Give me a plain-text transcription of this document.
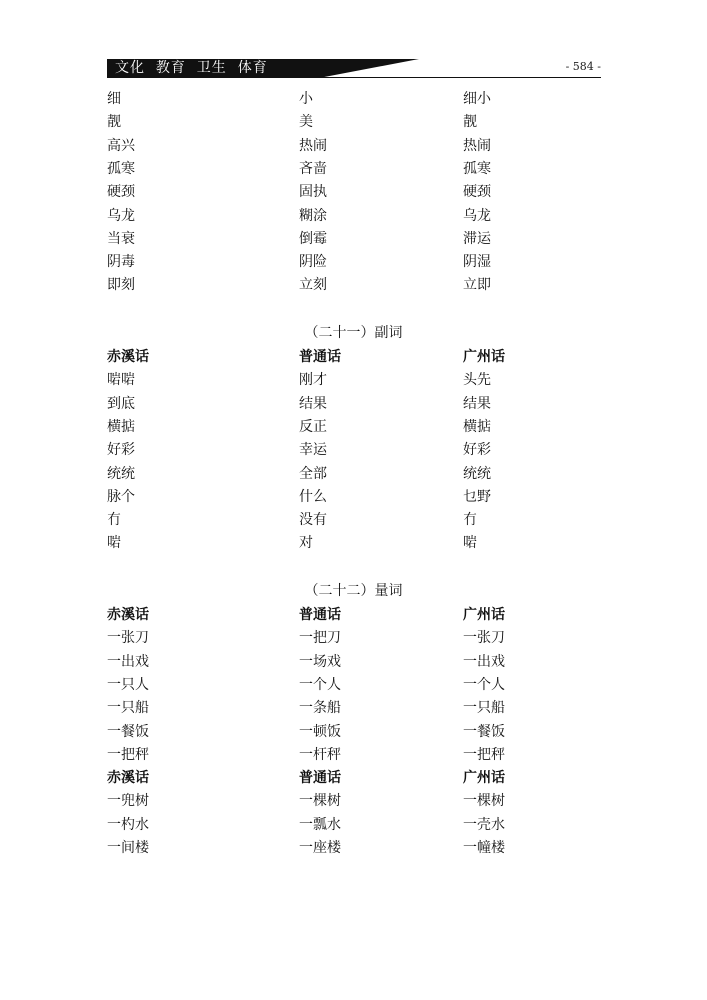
文化  教育  卫生  体育	- 584 -
细	小	细小
靓	美	靓
高兴	热闹	热闹
孤寒	吝啬	孤寒
硬颈	固执	硬颈
乌龙	糊涂	乌龙
当衰	倒霉	滞运
阴毒	阴险	阴湿
即刻	立刻	立即
（二十一）副词
赤溪话	普通话	广州话
啱啱	刚才	头先
到底	结果	结果
横掂	反正	横掂
好彩	幸运	好彩
统统	全部	统统
脉个	什么	乜野
冇	没有	冇
啱	对	啱
（二十二）量词
赤溪话	普通话	广州话
一张刀	一把刀	一张刀
一出戏	一场戏	一出戏
一只人	一个人	一个人
一只船	一条船	一只船
一餐饭	一顿饭	一餐饭
一把秤	一杆秤	一把秤
赤溪话	普通话	广州话
一兜树	一棵树	一棵树
一杓水	一瓢水	一壳水
一间楼	一座楼	一幢楼
